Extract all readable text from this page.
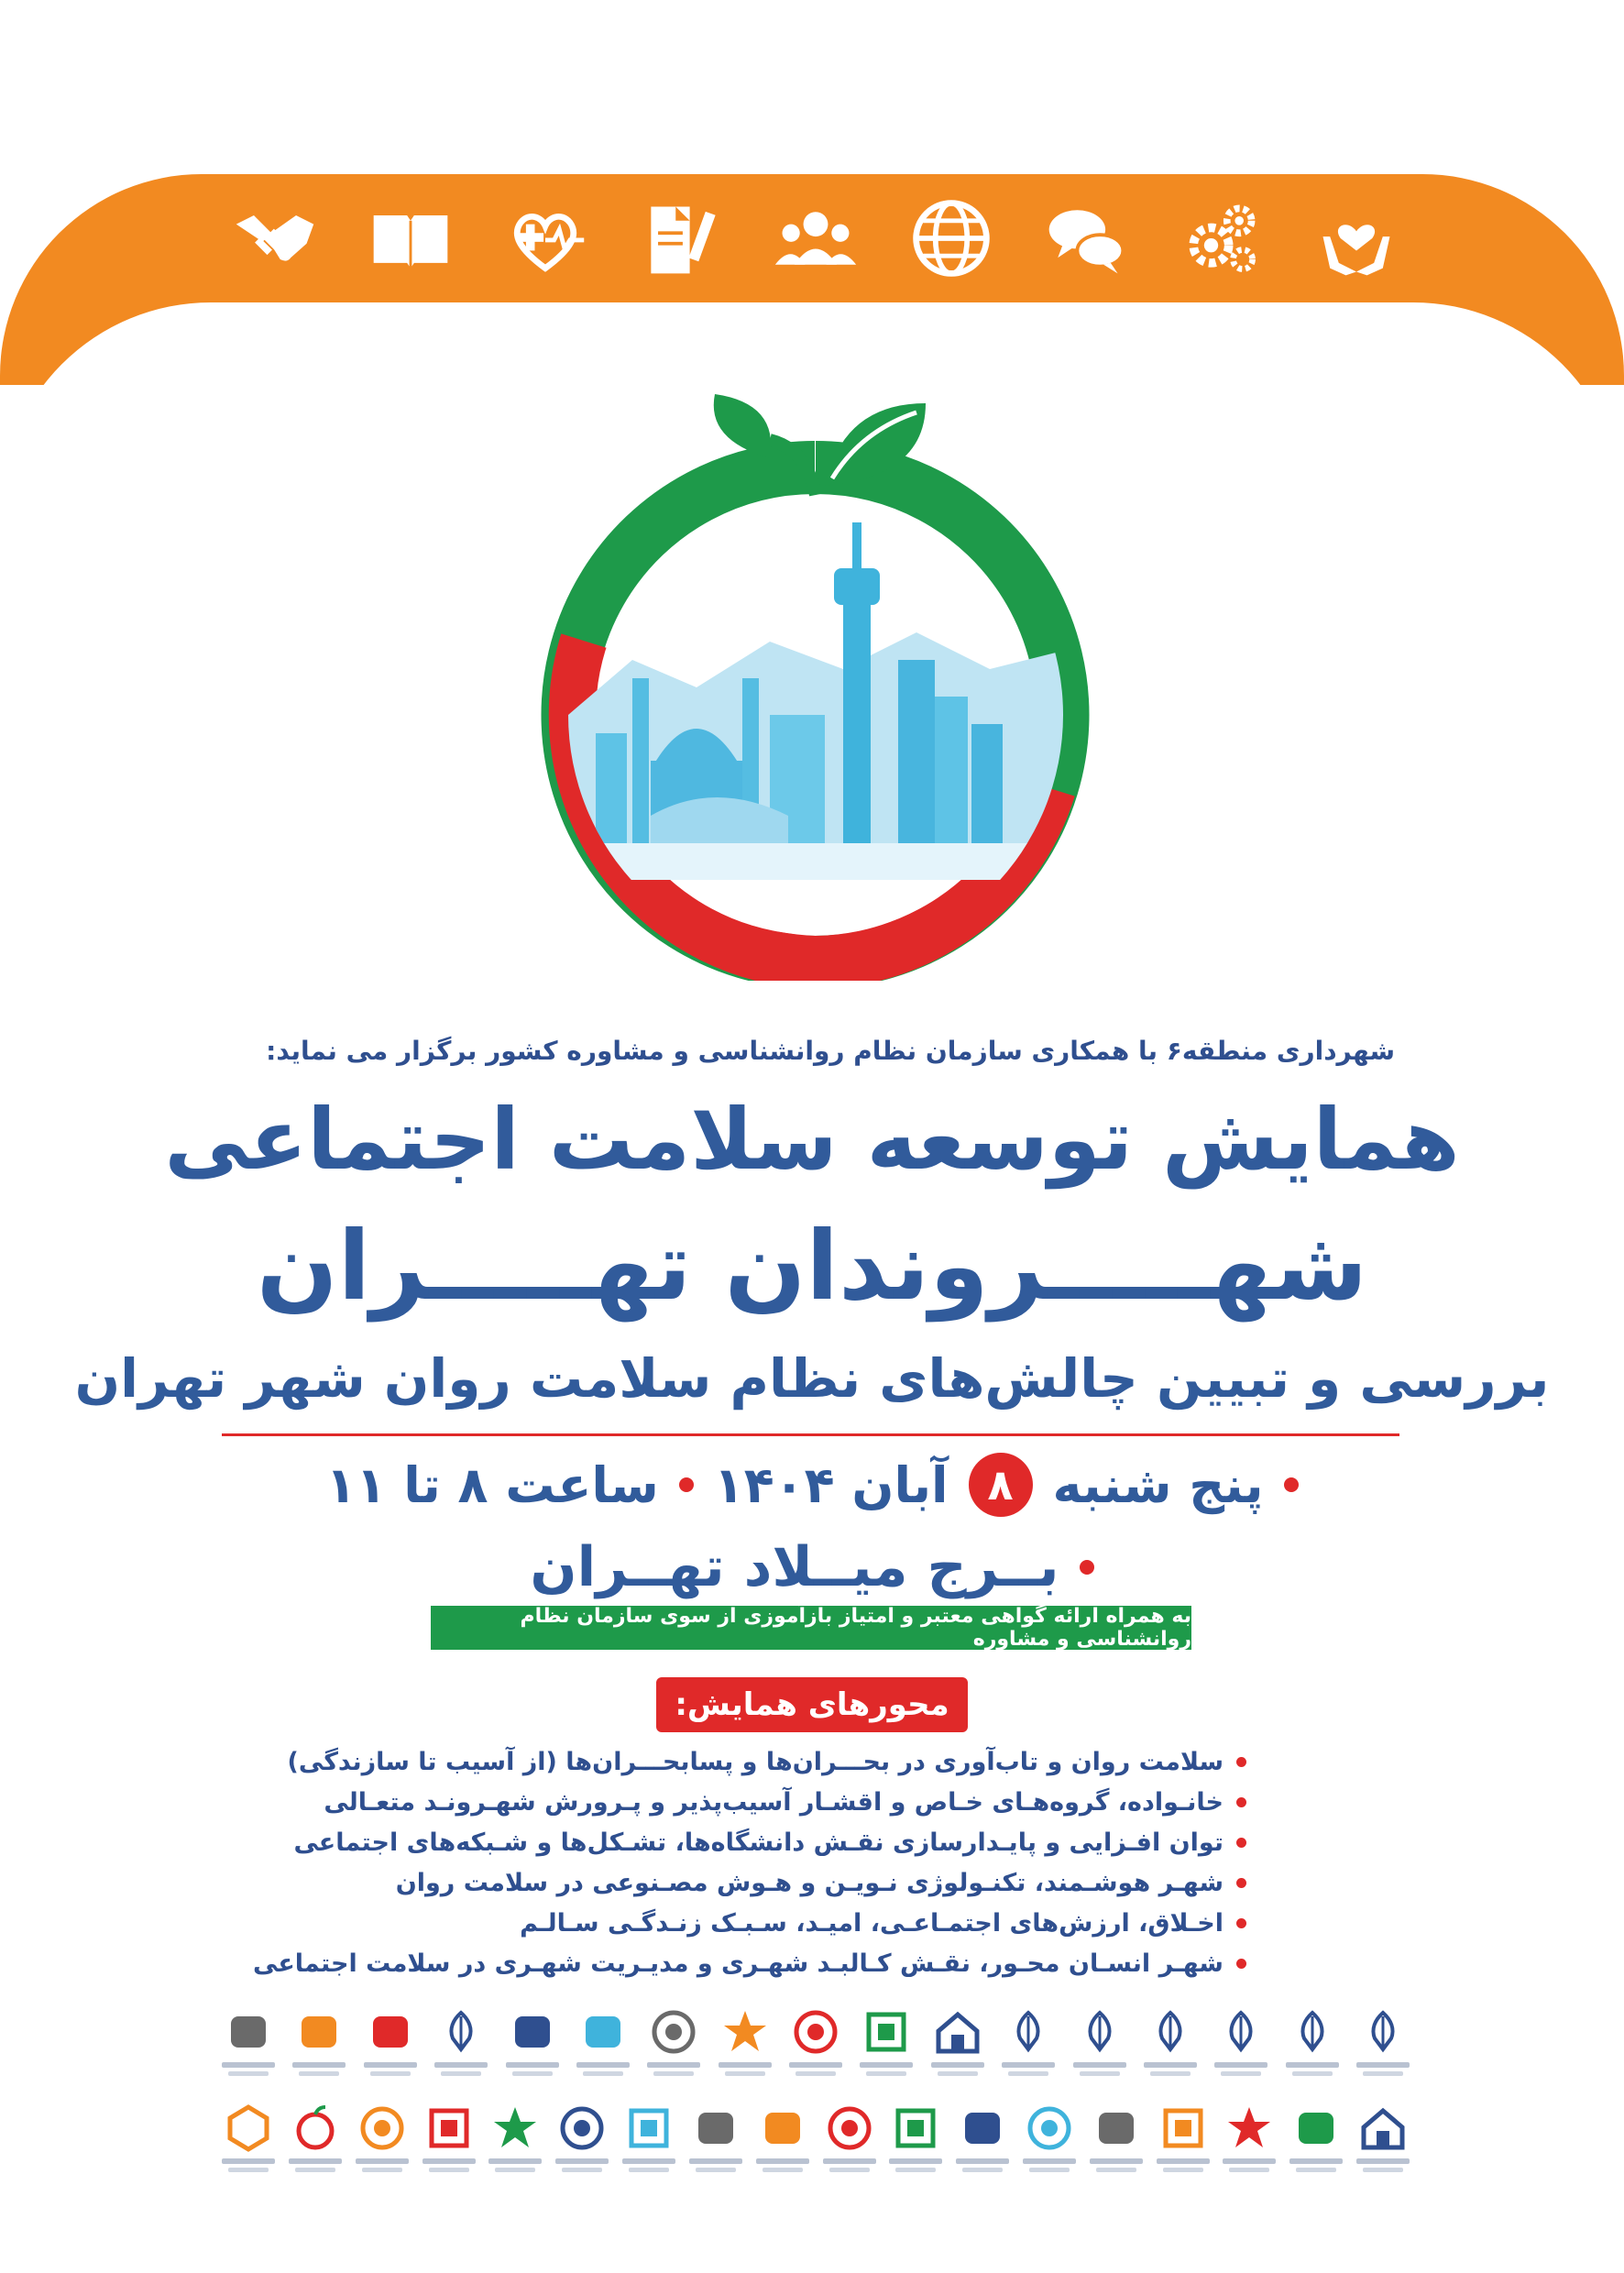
شهرداری منطقه۶ با همکاری سازمان نظام روانشناسی و مشاوره کشور برگزار می نماید:
همایش توسعه سلامت اجتماعی
شهـــــروندان تهـــــران
بررسی و تبیین چالش‌های نظام سلامت روان شهر تهران
پنج شنبه
۸
آبان ۱۴۰۴
ساعت ۸ تا ۱۱
بــرج میــلاد تهــران
به همراه ارائه گواهی معتبر و امتیاز بازآموزی از سوی سازمان نظام روانشناسی و مشاوره
محورهای همایش:
سلامت روان و تاب‌آوری در بحـــران‌ها و پسابحـــران‌ها (از آسیب تا سازندگی)
خانـواده، گروه‌هـای خـاص و اقشـار آسیب‌پذیر و پـرورش شهـرونـد متعـالی
توان افـزایی و پایـدارسازی نقـش دانشگاه‌ها، تشـکل‌ها و شـبکه‌های اجتماعی
شهـر هوشـمند، تکنـولوژی نـویـن و هـوش مصـنوعی در سلامت روان
اخـلاق، ارزش‌های اجتمـاعـی، امیـد، سـبـک زنـدگـی سـالـم
شهـر انسـان محـور، نقـش کـالبـد شهـری و مدیـریت شهـری در سلامت اجتماعی
